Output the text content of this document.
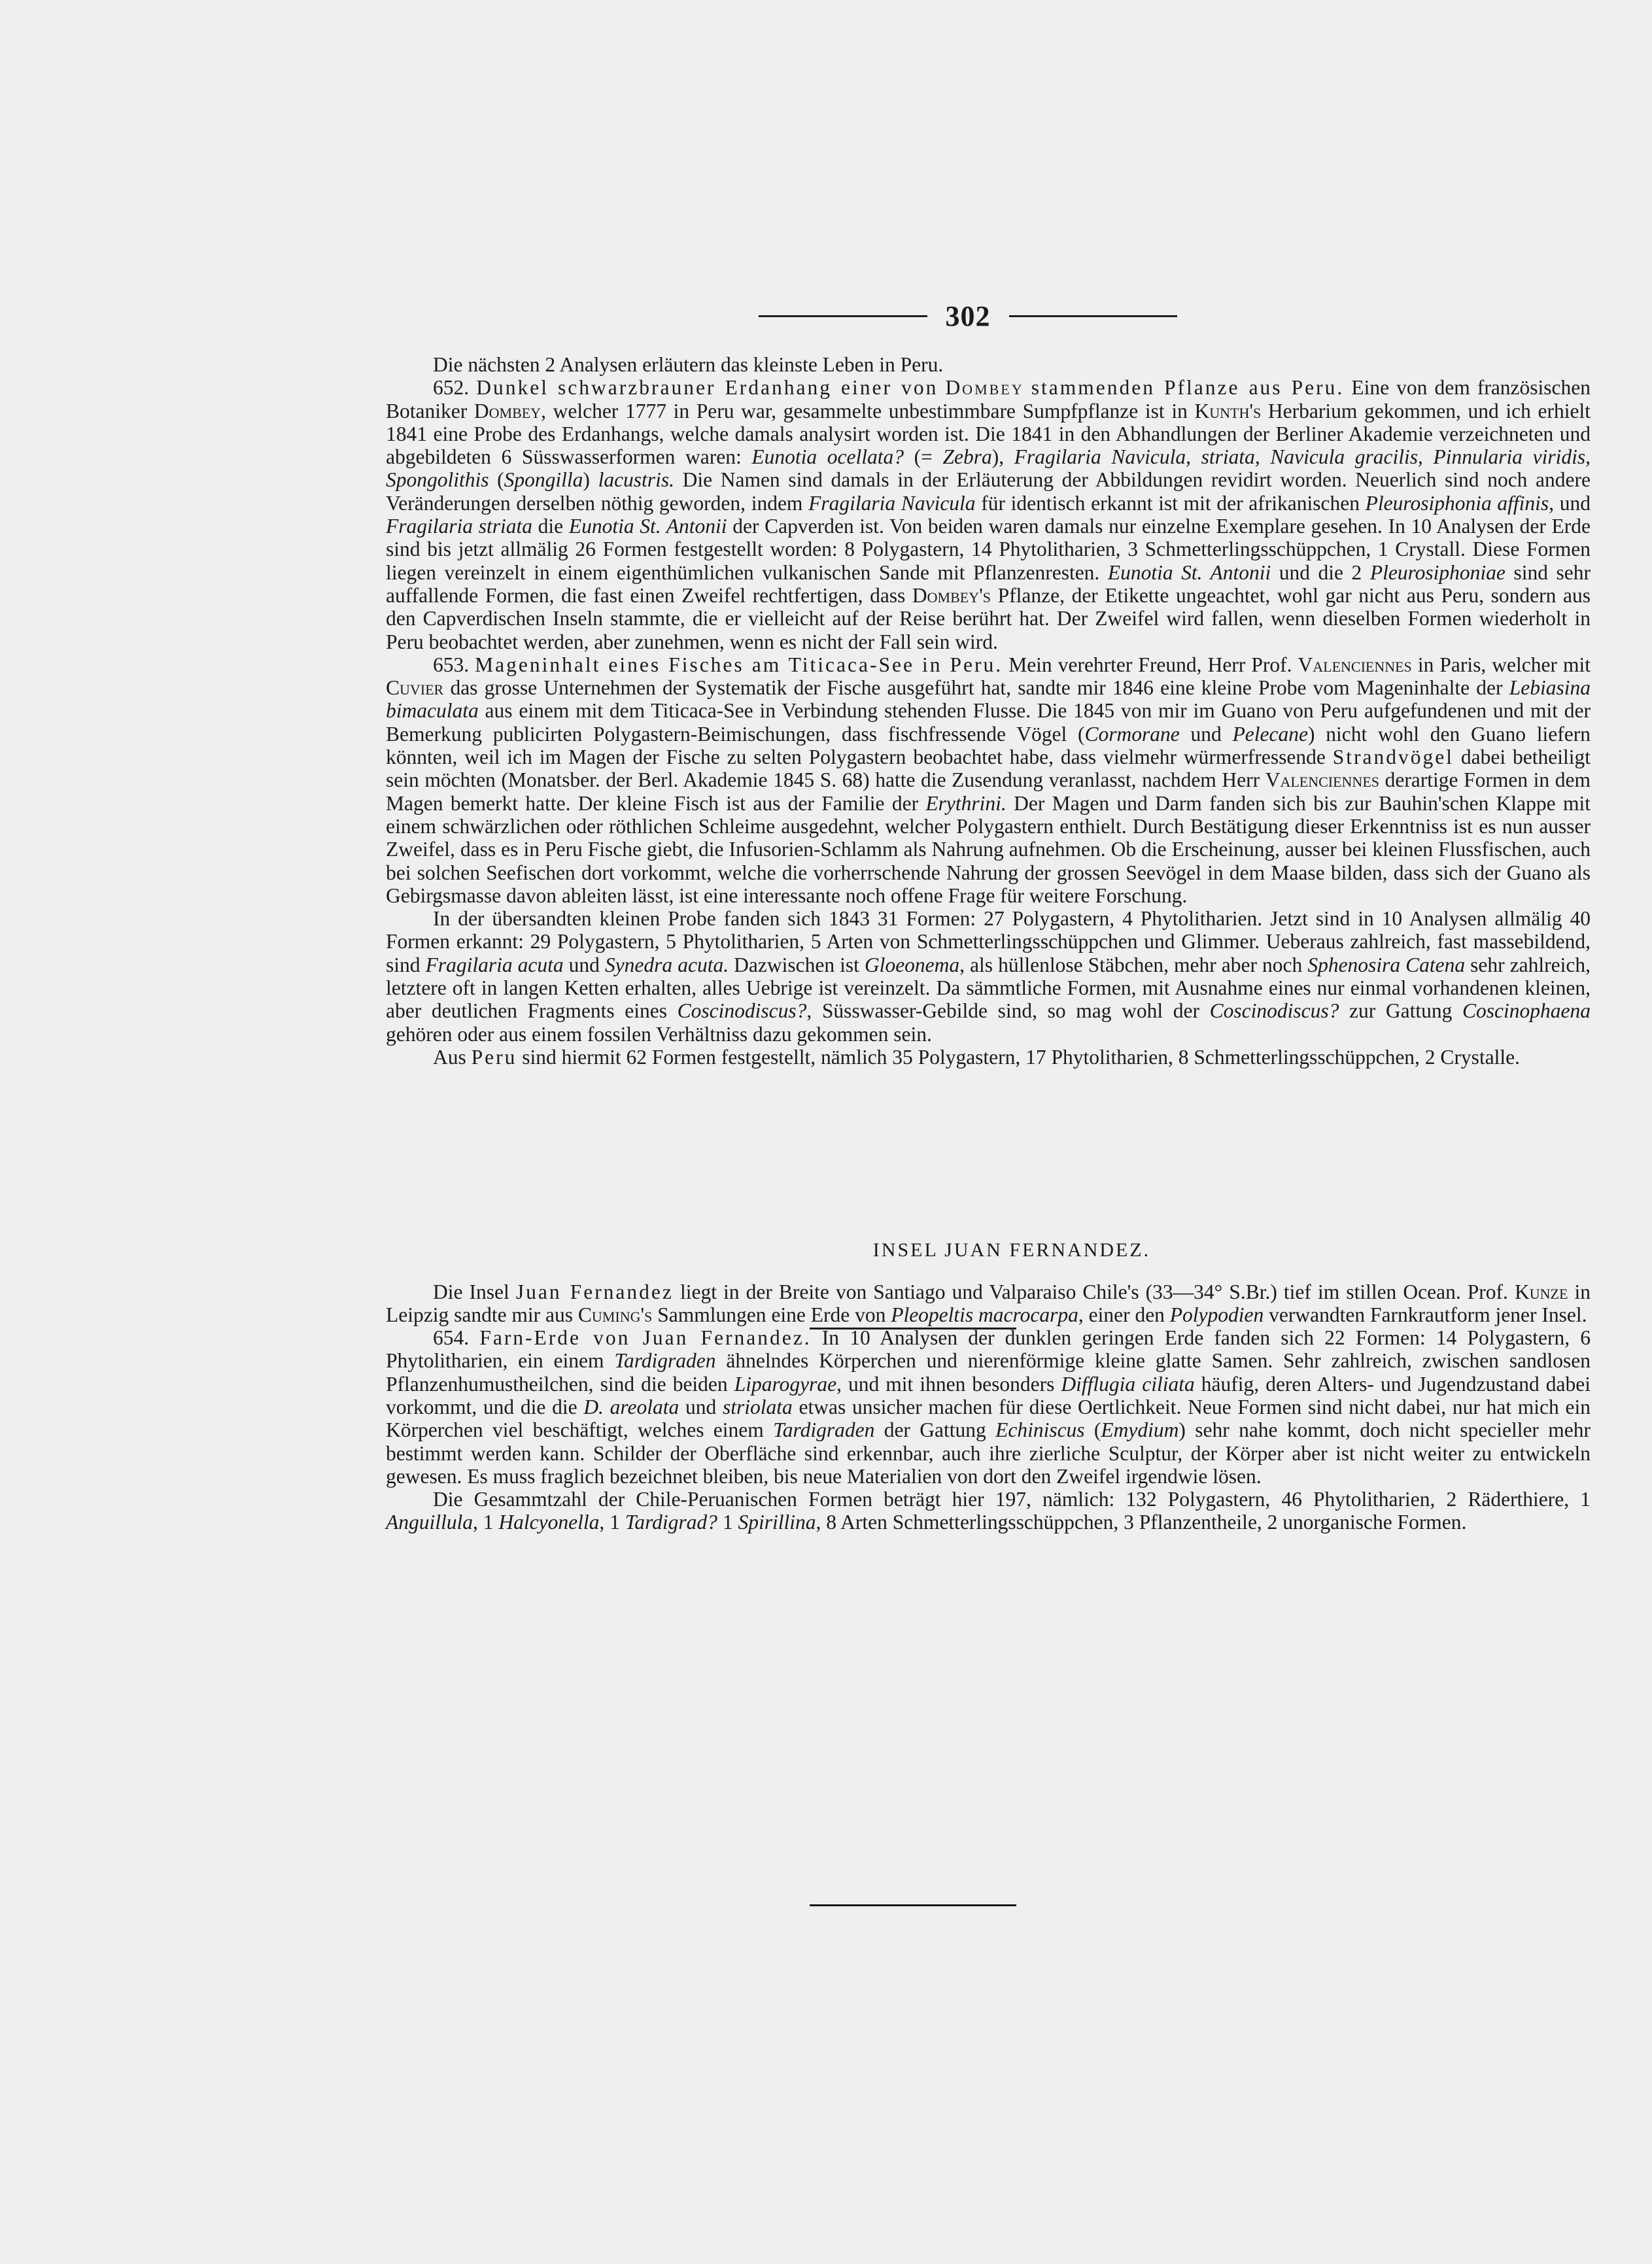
302

Die nächsten 2 Analysen erläutern das kleinste Leben in Peru.

652. Dunkel schwarzbrauner Erdanhang einer von Dombey stammenden Pflanze aus Peru. Eine von dem französischen Botaniker Dombey, welcher 1777 in Peru war, gesammelte unbestimmbare Sumpfpflanze ist in Kunth's Herbarium gekommen, und ich erhielt 1841 eine Probe des Erdanhangs, welche damals analysirt worden ist. Die 1841 in den Abhandlungen der Berliner Akademie verzeichneten und abgebildeten 6 Süsswasserformen waren: Eunotia ocellata? (= Zebra), Fragilaria Navicula, striata, Navicula gracilis, Pinnularia viridis, Spongolithis (Spongilla) lacustris. Die Namen sind damals in der Erläuterung der Abbildungen revidirt worden. Neuerlich sind noch andere Veränderungen derselben nöthig geworden, indem Fragilaria Navicula für identisch erkannt ist mit der afrikanischen Pleurosiphonia affinis, und Fragilaria striata die Eunotia St. Antonii der Capverden ist. Von beiden waren damals nur einzelne Exemplare gesehen. In 10 Analysen der Erde sind bis jetzt allmälig 26 Formen festgestellt worden: 8 Polygastern, 14 Phytolitharien, 3 Schmetterlingsschüppchen, 1 Crystall. Diese Formen liegen vereinzelt in einem eigenthümlichen vulkanischen Sande mit Pflanzenresten. Eunotia St. Antonii und die 2 Pleurosiphoniae sind sehr auffallende Formen, die fast einen Zweifel rechtfertigen, dass Dombey's Pflanze, der Etikette ungeachtet, wohl gar nicht aus Peru, sondern aus den Capverdischen Inseln stammte, die er vielleicht auf der Reise berührt hat. Der Zweifel wird fallen, wenn dieselben Formen wiederholt in Peru beobachtet werden, aber zunehmen, wenn es nicht der Fall sein wird.

653. Mageninhalt eines Fisches am Titicaca-See in Peru. Mein verehrter Freund, Herr Prof. Valenciennes in Paris, welcher mit Cuvier das grosse Unternehmen der Systematik der Fische ausgeführt hat, sandte mir 1846 eine kleine Probe vom Mageninhalte der Lebiasina bimaculata aus einem mit dem Titicaca-See in Verbindung stehenden Flusse. Die 1845 von mir im Guano von Peru aufgefundenen und mit der Bemerkung publicirten Polygastern-Beimischungen, dass fischfressende Vögel (Cormorane und Pelecane) nicht wohl den Guano liefern könnten, weil ich im Magen der Fische zu selten Polygastern beobachtet habe, dass vielmehr würmerfressende Strandvögel dabei betheiligt sein möchten (Monatsber. der Berl. Akademie 1845 S. 68) hatte die Zusendung veranlasst, nachdem Herr Valenciennes derartige Formen in dem Magen bemerkt hatte. Der kleine Fisch ist aus der Familie der Erythrini. Der Magen und Darm fanden sich bis zur Bauhin'schen Klappe mit einem schwärzlichen oder röthlichen Schleime ausgedehnt, welcher Polygastern enthielt. Durch Bestätigung dieser Erkenntniss ist es nun ausser Zweifel, dass es in Peru Fische giebt, die Infusorien-Schlamm als Nahrung aufnehmen. Ob die Erscheinung, ausser bei kleinen Flussfischen, auch bei solchen Seefischen dort vorkommt, welche die vorherrschende Nahrung der grossen Seevögel in dem Maase bilden, dass sich der Guano als Gebirgsmasse davon ableiten lässt, ist eine interessante noch offene Frage für weitere Forschung.

In der übersandten kleinen Probe fanden sich 1843 31 Formen: 27 Polygastern, 4 Phytolitharien. Jetzt sind in 10 Analysen allmälig 40 Formen erkannt: 29 Polygastern, 5 Phytolitharien, 5 Arten von Schmetterlingsschüppchen und Glimmer. Ueberaus zahlreich, fast massebildend, sind Fragilaria acuta und Synedra acuta. Dazwischen ist Gloeonema, als hüllenlose Stäbchen, mehr aber noch Sphenosira Catena sehr zahlreich, letztere oft in langen Ketten erhalten, alles Uebrige ist vereinzelt. Da sämmtliche Formen, mit Ausnahme eines nur einmal vorhandenen kleinen, aber deutlichen Fragments eines Coscinodiscus?, Süsswasser-Gebilde sind, so mag wohl der Coscinodiscus? zur Gattung Coscinophaena gehören oder aus einem fossilen Verhältniss dazu gekommen sein.

Aus Peru sind hiermit 62 Formen festgestellt, nämlich 35 Polygastern, 17 Phytolitharien, 8 Schmetterlingsschüppchen, 2 Crystalle.

INSEL JUAN FERNANDEZ.

Die Insel Juan Fernandez liegt in der Breite von Santiago und Valparaiso Chile's (33—34° S.Br.) tief im stillen Ocean. Prof. Kunze in Leipzig sandte mir aus Cuming's Sammlungen eine Erde von Pleopeltis macrocarpa, einer den Polypodien verwandten Farnkrautform jener Insel.

654. Farn-Erde von Juan Fernandez. In 10 Analysen der dunklen geringen Erde fanden sich 22 Formen: 14 Polygastern, 6 Phytolitharien, ein einem Tardigraden ähnelndes Körperchen und nierenförmige kleine glatte Samen. Sehr zahlreich, zwischen sandlosen Pflanzenhumustheilchen, sind die beiden Liparogyrae, und mit ihnen besonders Difflugia ciliata häufig, deren Alters- und Jugendzustand dabei vorkommt, und die die D. areolata und striolata etwas unsicher machen für diese Oertlichkeit. Neue Formen sind nicht dabei, nur hat mich ein Körperchen viel beschäftigt, welches einem Tardigraden der Gattung Echiniscus (Emydium) sehr nahe kommt, doch nicht specieller mehr bestimmt werden kann. Schilder der Oberfläche sind erkennbar, auch ihre zierliche Sculptur, der Körper aber ist nicht weiter zu entwickeln gewesen. Es muss fraglich bezeichnet bleiben, bis neue Materialien von dort den Zweifel irgendwie lösen.

Die Gesammtzahl der Chile-Peruanischen Formen beträgt hier 197, nämlich: 132 Polygastern, 46 Phytolitharien, 2 Räderthiere, 1 Anguillula, 1 Halcyonella, 1 Tardigrad? 1 Spirillina, 8 Arten Schmetterlingsschüppchen, 3 Pflanzentheile, 2 unorganische Formen.
